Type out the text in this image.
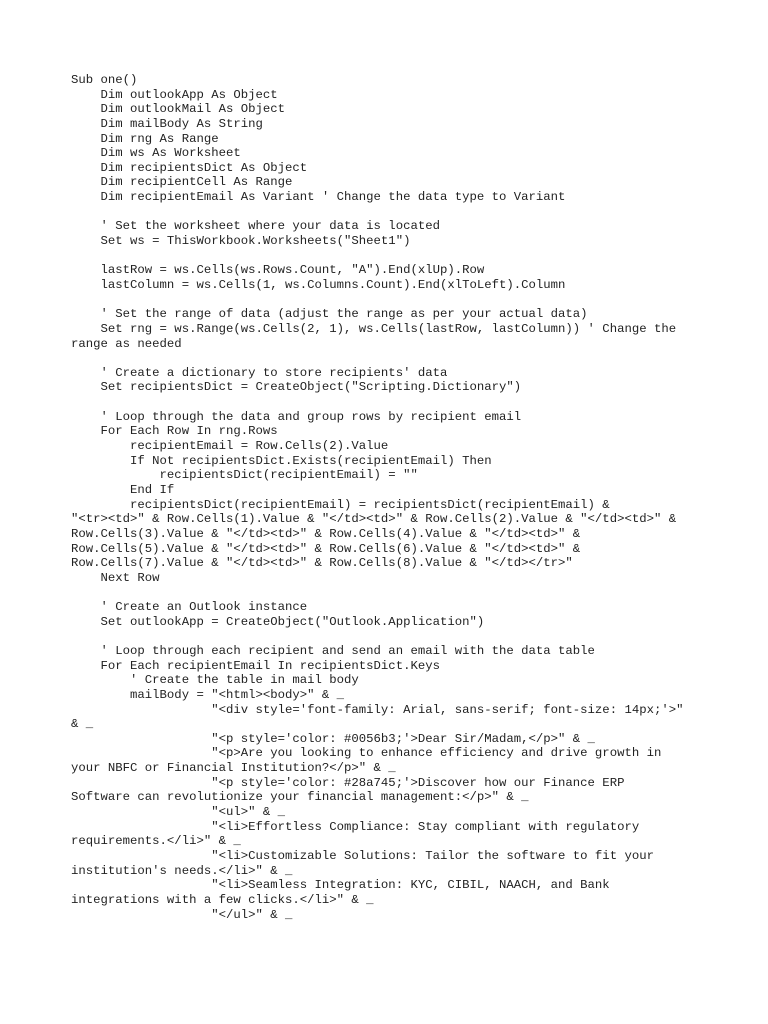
Sub one()
Dim outlookApp As Object
Dim outlookMail As Object
Dim mailBody As String
Dim rng As Range
Dim ws As Worksheet
Dim recipientsDict As Object
Dim recipientCell As Range
Dim recipientEmail As Variant ' Change the data type to Variant
' Set the worksheet where your data is located
Set ws = ThisWorkbook.Worksheets("Sheet1")
lastRow = ws.Cells(ws.Rows.Count, "A").End(xlUp).Row
lastColumn = ws.Cells(1, ws.Columns.Count).End(xlToLeft).Column
' Set the range of data (adjust the range as per your actual data)
Set rng = ws.Range(ws.Cells(2, 1), ws.Cells(lastRow, lastColumn)) ' Change the
range as needed
' Create a dictionary to store recipients' data
Set recipientsDict = CreateObject("Scripting.Dictionary")
' Loop through the data and group rows by recipient email
For Each Row In rng.Rows
recipientEmail = Row.Cells(2).Value
If Not recipientsDict.Exists(recipientEmail) Then
recipientsDict(recipientEmail) = ""
End If
recipientsDict(recipientEmail) = recipientsDict(recipientEmail) &
"<tr><td>" & Row.Cells(1).Value & "</td><td>" & Row.Cells(2).Value & "</td><td>" &
Row.Cells(3).Value & "</td><td>" & Row.Cells(4).Value & "</td><td>" &
Row.Cells(5).Value & "</td><td>" & Row.Cells(6).Value & "</td><td>" &
Row.Cells(7).Value & "</td><td>" & Row.Cells(8).Value & "</td></tr>"
Next Row
' Create an Outlook instance
Set outlookApp = CreateObject("Outlook.Application")
' Loop through each recipient and send an email with the data table
For Each recipientEmail In recipientsDict.Keys
' Create the table in mail body
mailBody = "<html><body>" & _
"<div style='font-family: Arial, sans-serif; font-size: 14px;'>"
& _
"<p style='color: #0056b3;'>Dear Sir/Madam,</p>" & _
"<p>Are you looking to enhance efficiency and drive growth in
your NBFC or Financial Institution?</p>" & _
"<p style='color: #28a745;'>Discover how our Finance ERP
Software can revolutionize your financial management:</p>" & _
"<ul>" & _
"<li>Effortless Compliance: Stay compliant with regulatory
requirements.</li>" & _
"<li>Customizable Solutions: Tailor the software to fit your
institution's needs.</li>" & _
"<li>Seamless Integration: KYC, CIBIL, NAACH, and Bank
integrations with a few clicks.</li>" & _
"</ul>" & _
